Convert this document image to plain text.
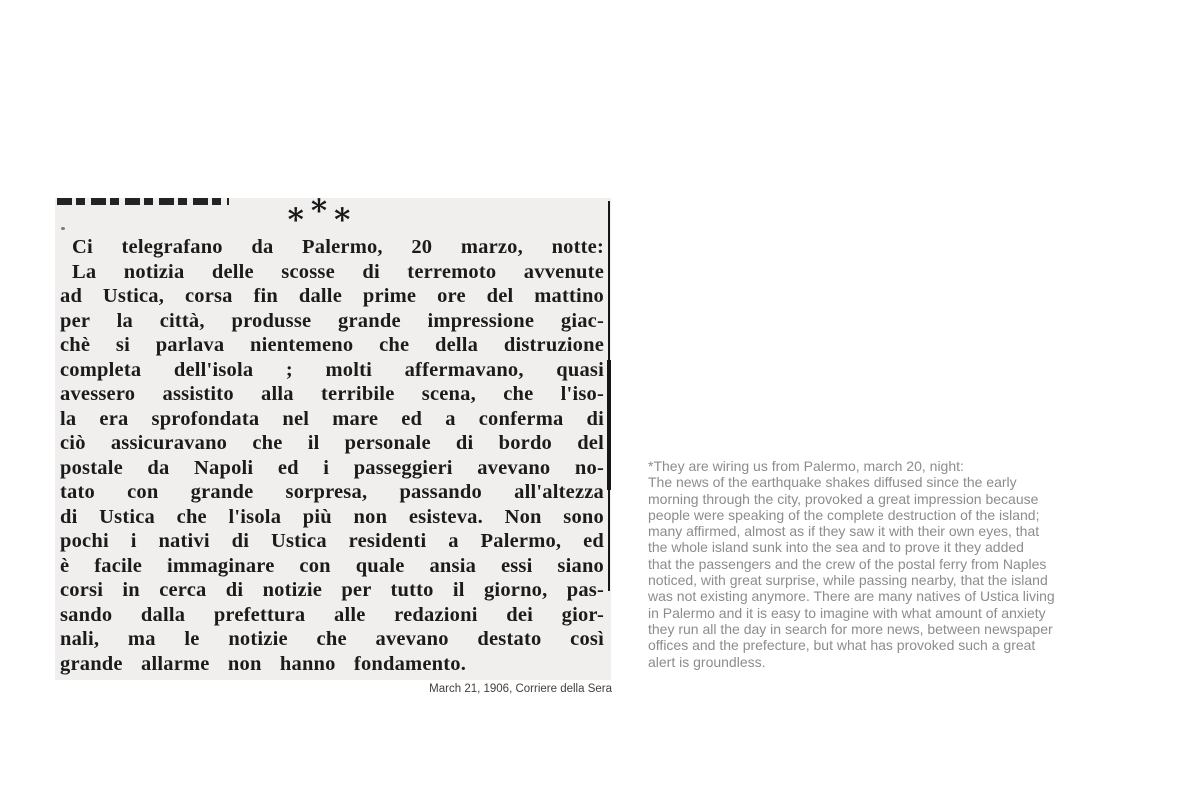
* * *
Ci telegrafano da Palermo, 20 marzo, notte:
La notizia delle scosse di terremoto avvenute
ad Ustica, corsa fin dalle prime ore del mattino
per la città, produsse grande impressione giac-
chè si parlava nientemeno che della distruzione
completa dell'isola ; molti affermavano, quasi
avessero assistito alla terribile scena, che l'iso-
la era sprofondata nel mare ed a conferma di
ciò assicuravano che il personale di bordo del
postale da Napoli ed i passeggieri avevano no-
tato con grande sorpresa, passando all'altezza
di Ustica che l'isola più non esisteva. Non sono
pochi i nativi di Ustica residenti a Palermo, ed
è facile immaginare con quale ansia essi siano
corsi in cerca di notizie per tutto il giorno, pas-
sando dalla prefettura alle redazioni dei gior-
nali, ma le notizie che avevano destato così
grande allarme non hanno fondamento.
March 21, 1906, Corriere della Sera
*They are wiring us from Palermo, march 20, night:
The news of the earthquake shakes diffused since the early
morning through the city, provoked a great impression because
people were speaking of the complete destruction of the island;
many affirmed, almost as if they saw it with their own eyes, that
the whole island sunk into the sea and to prove it they added
that the passengers and the crew of the postal ferry from Naples
noticed, with great surprise, while passing nearby, that the island
was not existing anymore. There are many natives of Ustica living
in Palermo and it is easy to imagine with what amount of anxiety
they run all the day in search for more news, between newspaper
offices and the prefecture, but what has provoked such a great
alert is groundless.
